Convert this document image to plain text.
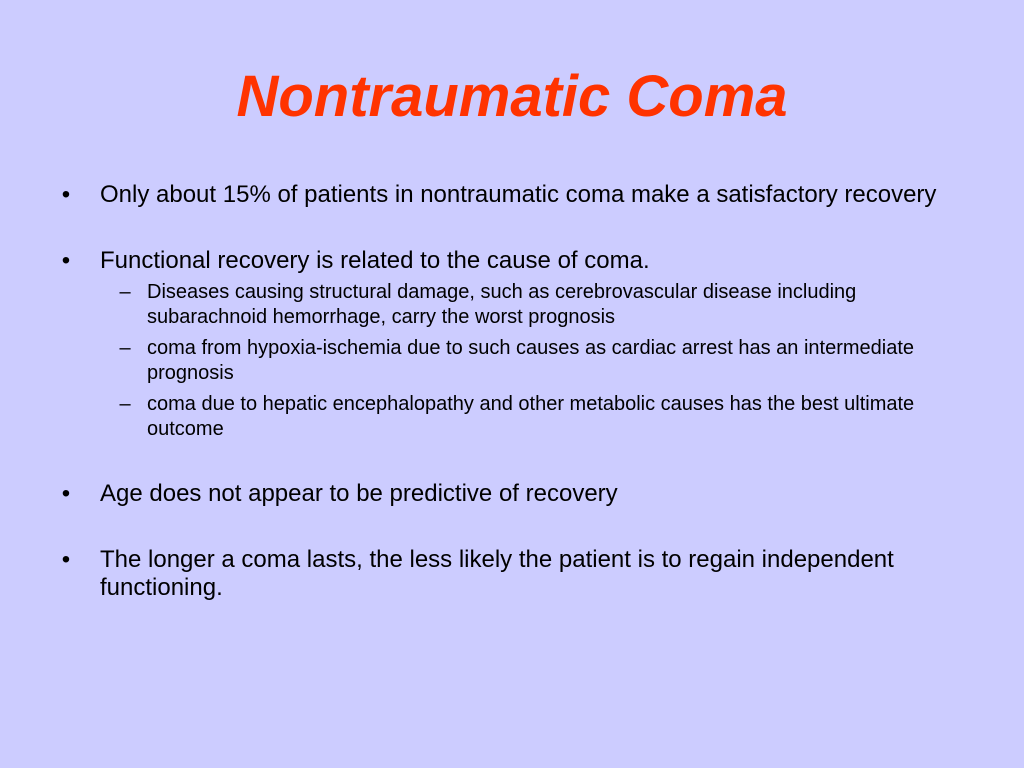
Nontraumatic Coma
• Only about 15% of patients in nontraumatic coma make a satisfactory recovery
• Functional recovery is related to the cause of coma.
– Diseases causing structural damage, such as cerebrovascular disease including subarachnoid hemorrhage, carry the worst prognosis
– coma from hypoxia-ischemia due to such causes as cardiac arrest has an intermediate prognosis
– coma due to hepatic encephalopathy and other metabolic causes has the best ultimate outcome
• Age does not appear to be predictive of recovery
• The longer a coma lasts, the less likely the patient is to regain independent functioning.
